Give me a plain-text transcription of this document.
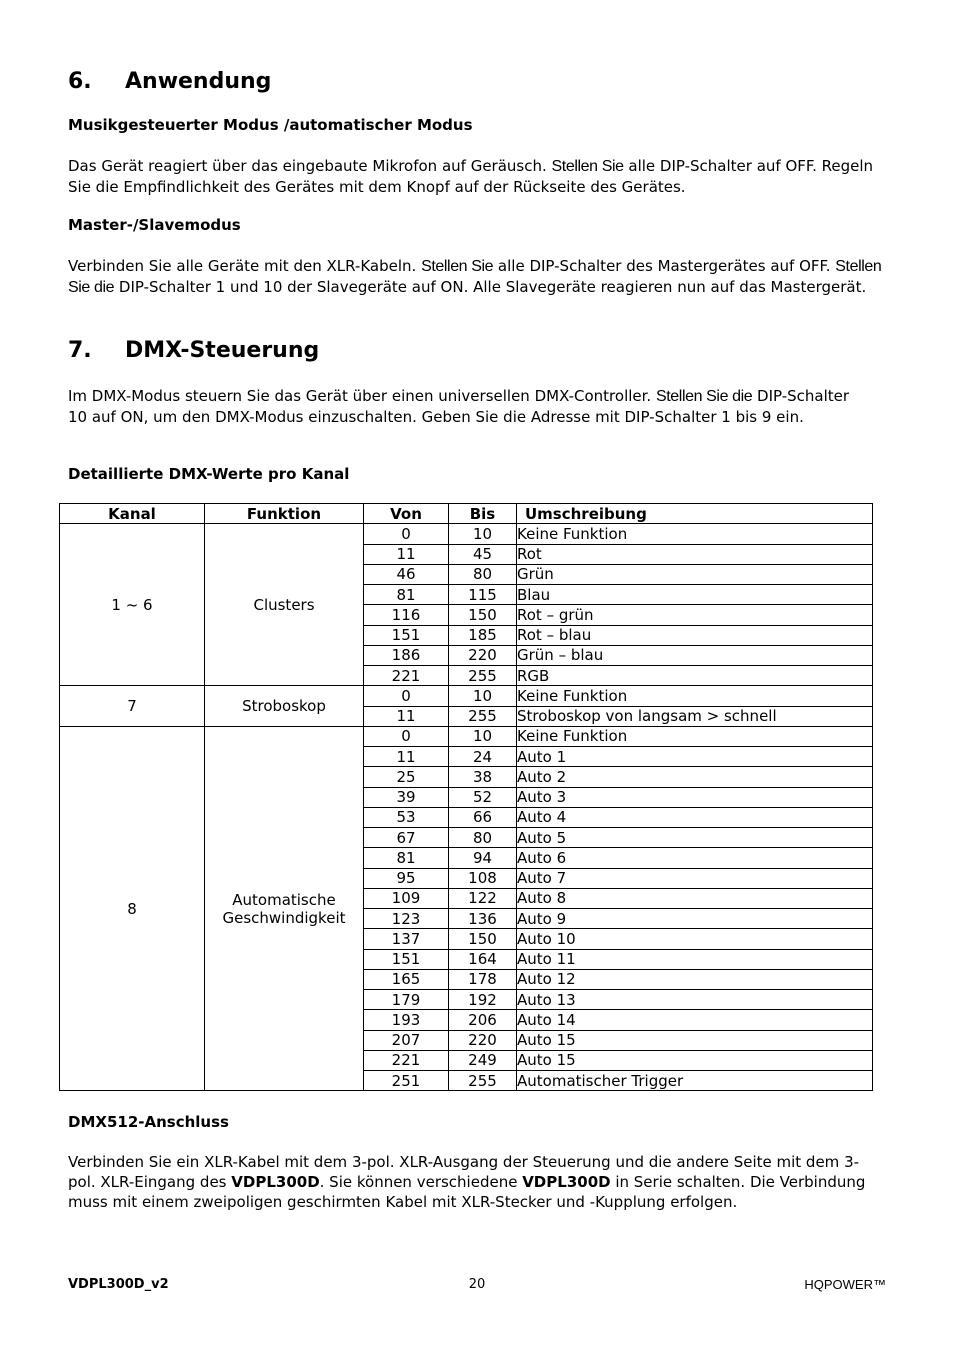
6. Anwendung
Musikgesteuerter Modus /automatischer Modus

Das Gerät reagiert über das eingebaute Mikrofon auf Geräusch. Stellen Sie alle DIP-Schalter auf OFF. Regeln Sie die Empfindlichkeit des Gerätes mit dem Knopf auf der Rückseite des Gerätes.

Master-/Slavemodus

Verbinden Sie alle Geräte mit den XLR-Kabeln. Stellen Sie alle DIP-Schalter des Mastergerätes auf OFF. Stellen Sie die DIP-Schalter 1 und 10 der Slavegeräte auf ON. Alle Slavegeräte reagieren nun auf das Mastergerät.

7. DMX-Steuerung

Im DMX-Modus steuern Sie das Gerät über einen universellen DMX-Controller. Stellen Sie die DIP-Schalter 10 auf ON, um den DMX-Modus einzuschalten. Geben Sie die Adresse mit DIP-Schalter 1 bis 9 ein.

Detaillierte DMX-Werte pro Kanal
Kanal	Funktion	Von	Bis	Umschreibung
1 ~ 6	Clusters	0	10	Keine Funktion
		11	45	Rot
		46	80	Grün
		81	115	Blau
		116	150	Rot – grün
		151	185	Rot – blau
		186	220	Grün – blau
		221	255	RGB
7	Stroboskop	0	10	Keine Funktion
		11	255	Stroboskop von langsam > schnell
8	Automatische Geschwindigkeit	0	10	Keine Funktion
		11	24	Auto 1
		25	38	Auto 2
		39	52	Auto 3
		53	66	Auto 4
		67	80	Auto 5
		81	94	Auto 6
		95	108	Auto 7
		109	122	Auto 8
		123	136	Auto 9
		137	150	Auto 10
		151	164	Auto 11
		165	178	Auto 12
		179	192	Auto 13
		193	206	Auto 14
		207	220	Auto 15
		221	249	Auto 15
		251	255	Automatischer Trigger
DMX512-Anschluss

Verbinden Sie ein XLR-Kabel mit dem 3-pol. XLR-Ausgang der Steuerung und die andere Seite mit dem 3-pol. XLR-Eingang des VDPL300D. Sie können verschiedene VDPL300D in Serie schalten. Die Verbindung muss mit einem zweipoligen geschirmten Kabel mit XLR-Stecker und -Kupplung erfolgen.

VDPL300D_v2	20	HQPOWER™
